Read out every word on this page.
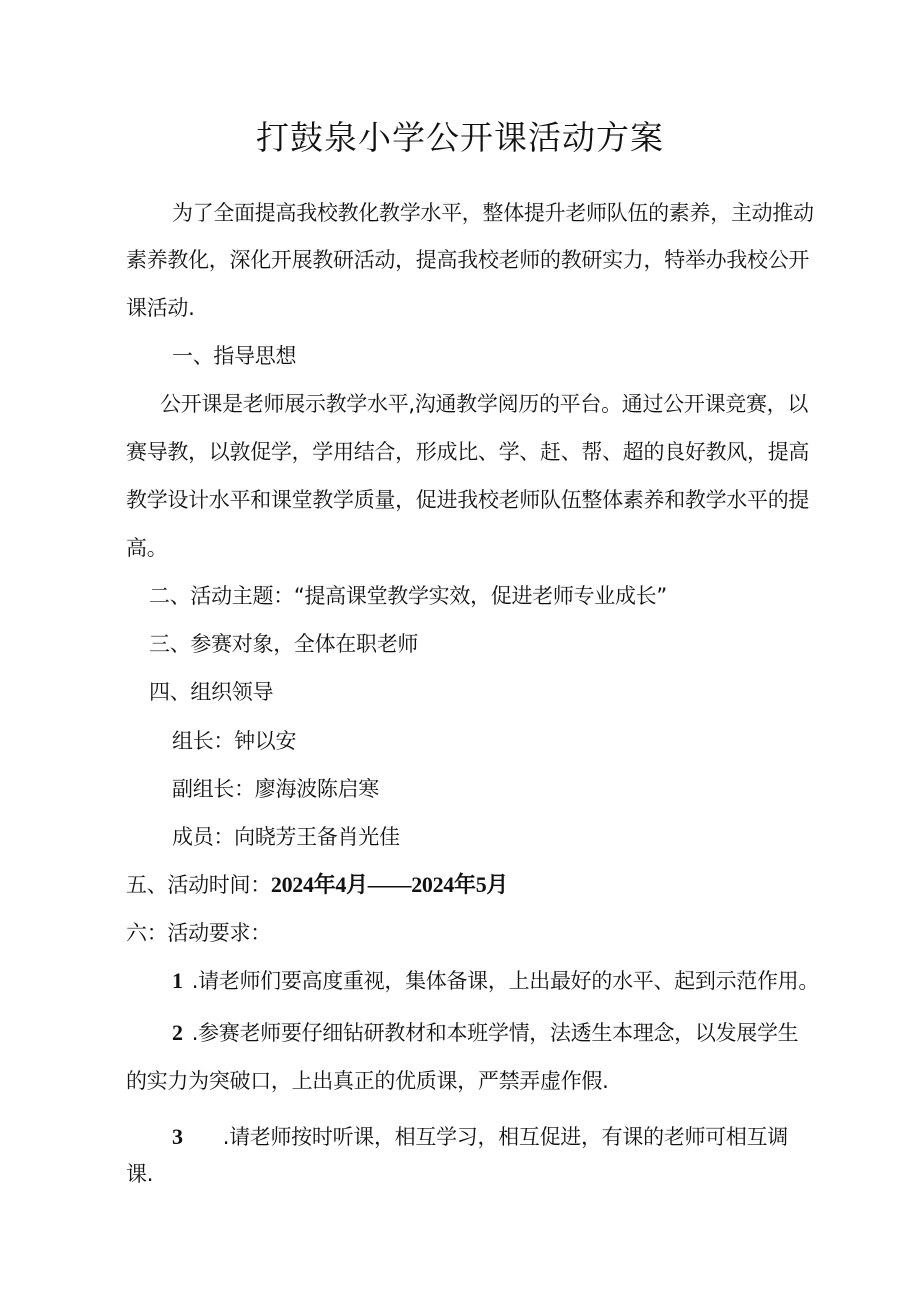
打鼓泉小学公开课活动方案
为了全面提高我校教化教学水平，整体提升老师队伍的素养，主动推动
素养教化，深化开展教研活动，提高我校老师的教研实力，特举办我校公开
课活动.
一、指导思想
公开课是老师展示教学水平,沟通教学阅历的平台。通过公开课竞赛，以
赛导教，以敦促学，学用结合，形成比、学、赶、帮、超的良好教风，提高
教学设计水平和课堂教学质量，促进我校老师队伍整体素养和教学水平的提
高。
二、活动主题：“提高课堂教学实效，促进老师专业成长”
三、参赛对象，全体在职老师
四、组织领导
组长：钟以安
副组长：廖海波陈启寒
成员：向晓芳王备肖光佳
五、活动时间：2024年4月——2024年5月
六：活动要求：
1 .请老师们要高度重视，集体备课，上出最好的水平、起到示范作用。
2 .参赛老师要仔细钻研教材和本班学情，法透生本理念，以发展学生
的实力为突破口，上出真正的优质课，严禁弄虚作假.
3 .请老师按时听课，相互学习，相互促进，有课的老师可相互调
课.
